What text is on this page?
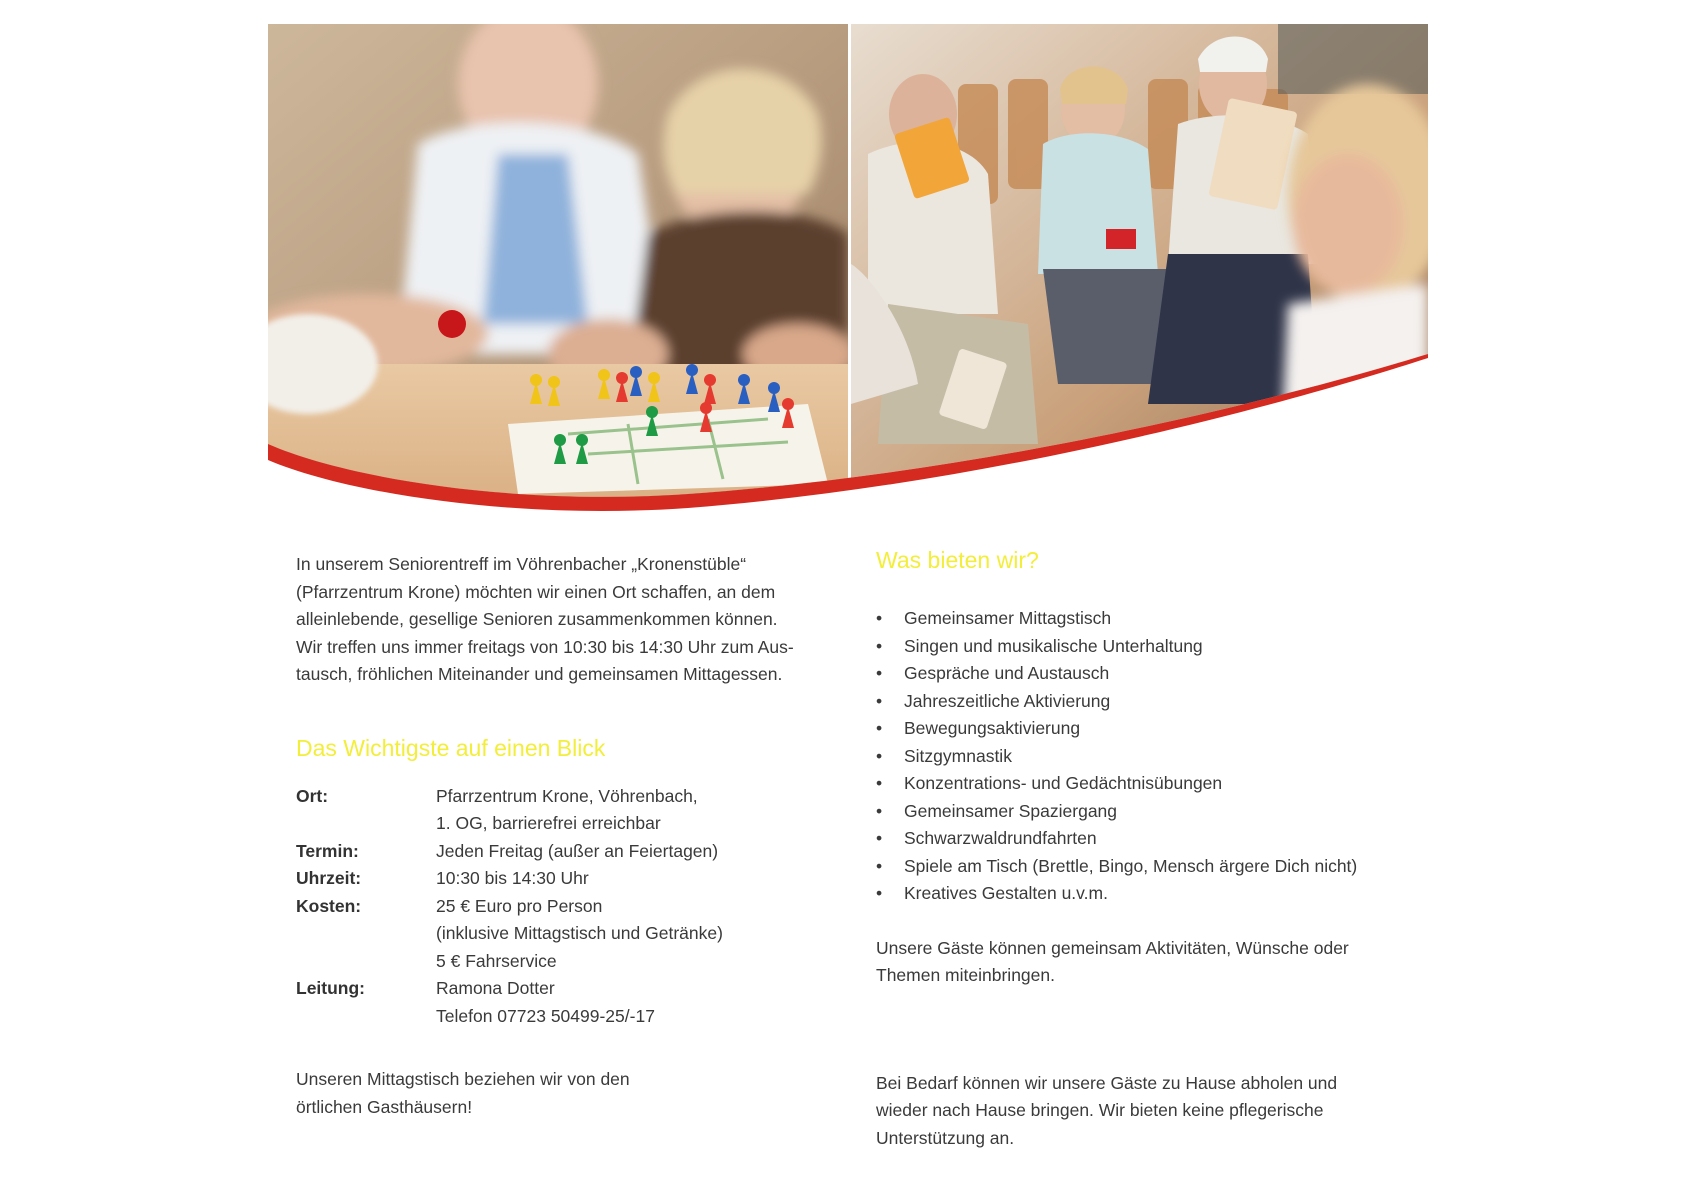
In unserem Seniorentreff im Vöhrenbacher „Kronenstüble“
(Pfarrzentrum Krone) möchten wir einen Ort schaffen, an dem
alleinlebende, gesellige Senioren zusammenkommen können.
Wir treffen uns immer freitags von 10:30 bis 14:30 Uhr zum Aus-
tausch, fröhlichen Miteinander und gemeinsamen Mittagessen.

Das Wichtigste auf einen Blick
Ort:	Pfarrzentrum Krone, Vöhrenbach,
	1. OG, barrierefrei erreichbar
Termin:	Jeden Freitag (außer an Feiertagen)
Uhrzeit:	10:30 bis 14:30 Uhr
Kosten:	25 € Euro pro Person
	(inklusive Mittagstisch und Getränke)
	5 € Fahrservice
Leitung:	Ramona Dotter
	Telefon 07723 50499-25/-17

Unseren Mittagstisch beziehen wir von den
örtlichen Gasthäusern!

Was bieten wir?
• Gemeinsamer Mittagstisch
• Singen und musikalische Unterhaltung
• Gespräche und Austausch
• Jahreszeitliche Aktivierung
• Bewegungsaktivierung
• Sitzgymnastik
• Konzentrations- und Gedächtnisübungen
• Gemeinsamer Spaziergang
• Schwarzwaldrundfahrten
• Spiele am Tisch (Brettle, Bingo, Mensch ärgere Dich nicht)
• Kreatives Gestalten u.v.m.

Unsere Gäste können gemeinsam Aktivitäten, Wünsche oder
Themen miteinbringen.

Bei Bedarf können wir unsere Gäste zu Hause abholen und
wieder nach Hause bringen. Wir bieten keine pflegerische
Unterstützung an.
